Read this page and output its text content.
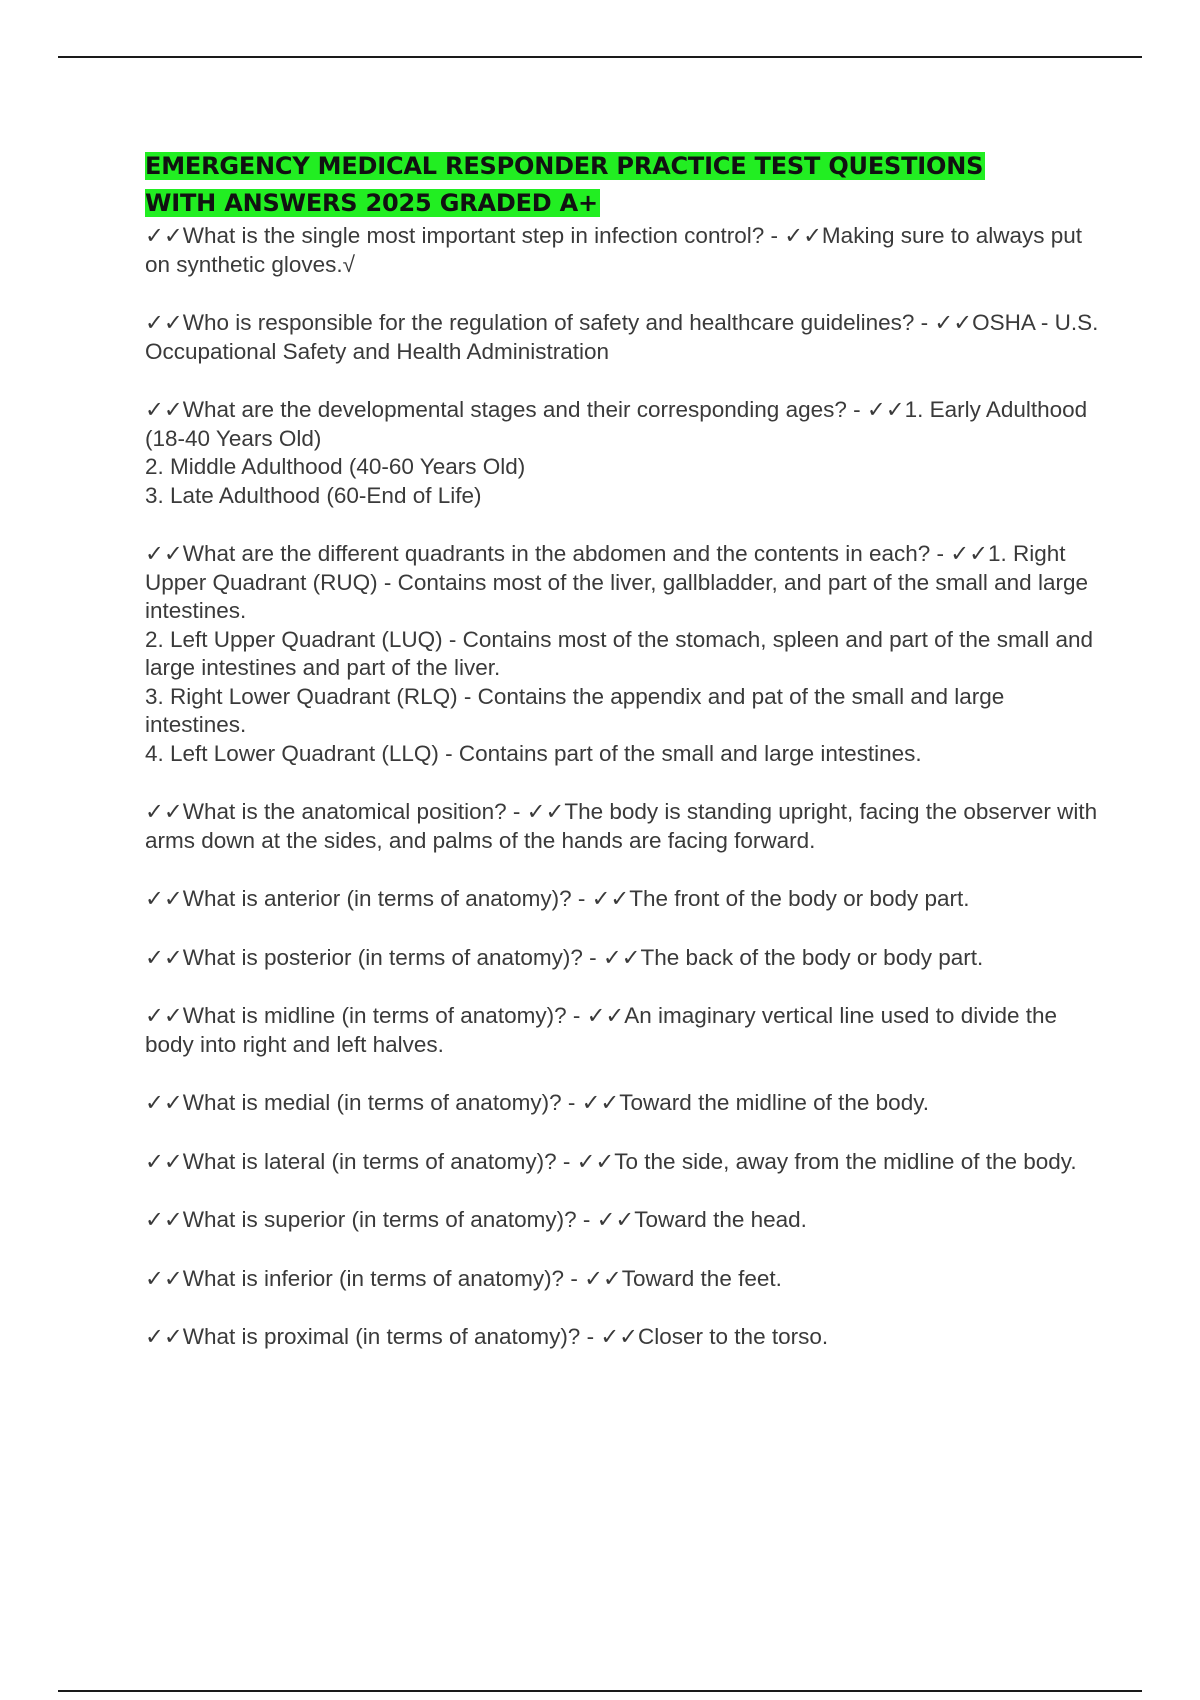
EMERGENCY MEDICAL RESPONDER PRACTICE TEST QUESTIONS WITH ANSWERS 2025 GRADED A+
✓✓What is the single most important step in infection control? - ✓✓Making sure to always put on synthetic gloves.√
✓✓Who is responsible for the regulation of safety and healthcare guidelines? - ✓✓OSHA - U.S. Occupational Safety and Health Administration
✓✓What are the developmental stages and their corresponding ages? - ✓✓1. Early Adulthood (18-40 Years Old)
2. Middle Adulthood (40-60 Years Old)
3. Late Adulthood (60-End of Life)
✓✓What are the different quadrants in the abdomen and the contents in each? - ✓✓1. Right Upper Quadrant (RUQ) - Contains most of the liver, gallbladder, and part of the small and large intestines.
2. Left Upper Quadrant (LUQ) - Contains most of the stomach, spleen and part of the small and large intestines and part of the liver.
3. Right Lower Quadrant (RLQ) - Contains the appendix and pat of the small and large intestines.
4. Left Lower Quadrant (LLQ) - Contains part of the small and large intestines.
✓✓What is the anatomical position? - ✓✓The body is standing upright, facing the observer with arms down at the sides, and palms of the hands are facing forward.
✓✓What is anterior (in terms of anatomy)? - ✓✓The front of the body or body part.
✓✓What is posterior (in terms of anatomy)? - ✓✓The back of the body or body part.
✓✓What is midline (in terms of anatomy)? - ✓✓An imaginary vertical line used to divide the body into right and left halves.
✓✓What is medial (in terms of anatomy)? - ✓✓Toward the midline of the body.
✓✓What is lateral (in terms of anatomy)? - ✓✓To the side, away from the midline of the body.
✓✓What is superior (in terms of anatomy)? - ✓✓Toward the head.
✓✓What is inferior (in terms of anatomy)? - ✓✓Toward the feet.
✓✓What is proximal (in terms of anatomy)? - ✓✓Closer to the torso.
